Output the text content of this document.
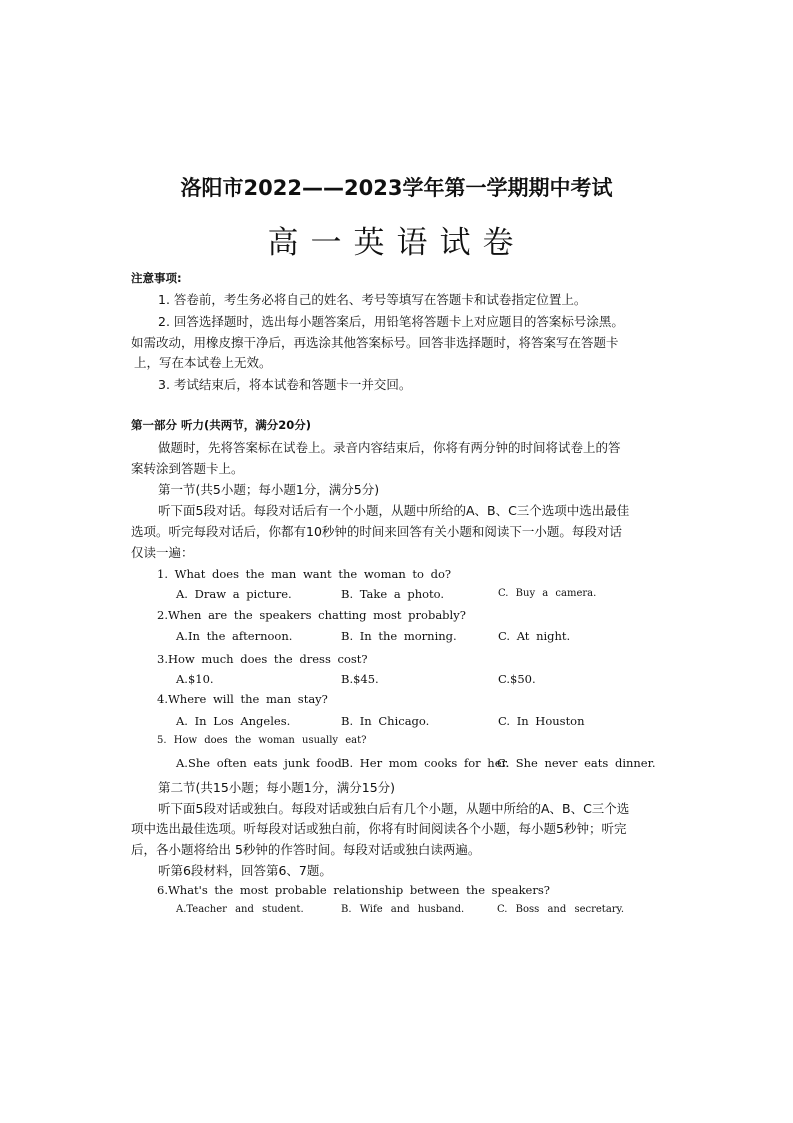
洛阳市2022——2023学年第一学期期中考试
高一英语试卷
注意事项:
1. 答卷前，考生务必将自己的姓名、考号等填写在答题卡和试卷指定位置上。
2. 回答选择题时，选出每小题答案后，用铅笔将答题卡上对应题目的答案标号涂黑。
如需改动，用橡皮擦干净后，再选涂其他答案标号。回答非选择题时，将答案写在答题卡
上，写在本试卷上无效。
3. 考试结束后，将本试卷和答题卡一并交回。
第一部分 听力(共两节，满分20分)
做题时，先将答案标在试卷上。录音内容结束后，你将有两分钟的时间将试卷上的答
案转涂到答题卡上。
第一节(共5小题；每小题1分，满分5分)
听下面5段对话。每段对话后有一个小题，从题中所给的A、B、C三个选项中选出最佳
选项。听完每段对话后，你都有10秒钟的时间来回答有关小题和阅读下一小题。每段对话
仅读一遍：
1. What does the man want the woman to do?
A. Draw a picture.	B. Take a photo.	C. Buy a camera.
2.When are the speakers chatting most probably?
A.In the afternoon.	B. In the morning.	C. At night.
3.How much does the dress cost?
A.$10.	B.$45.	C.$50.
4.Where will the man stay?
A. In Los Angeles.	B. In Chicago.	C. In Houston
5. How does the woman usually eat?
A.She often eats junk food.
B. Her mom cooks for her.
C. She never eats dinner.
第二节(共15小题；每小题1分，满分15分)
听下面5段对话或独白。每段对话或独白后有几个小题，从题中所给的A、B、C三个选
项中选出最佳选项。听每段对话或独白前，你将有时间阅读各个小题，每小题5秒钟；听完
后，各小题将给出 5秒钟的作答时间。每段对话或独白读两遍。
听第6段材料，回答第6、7题。
6.What's the most probable relationship between the speakers?
A.Teacher and student.	B. Wife and husband.	C. Boss and secretary.
